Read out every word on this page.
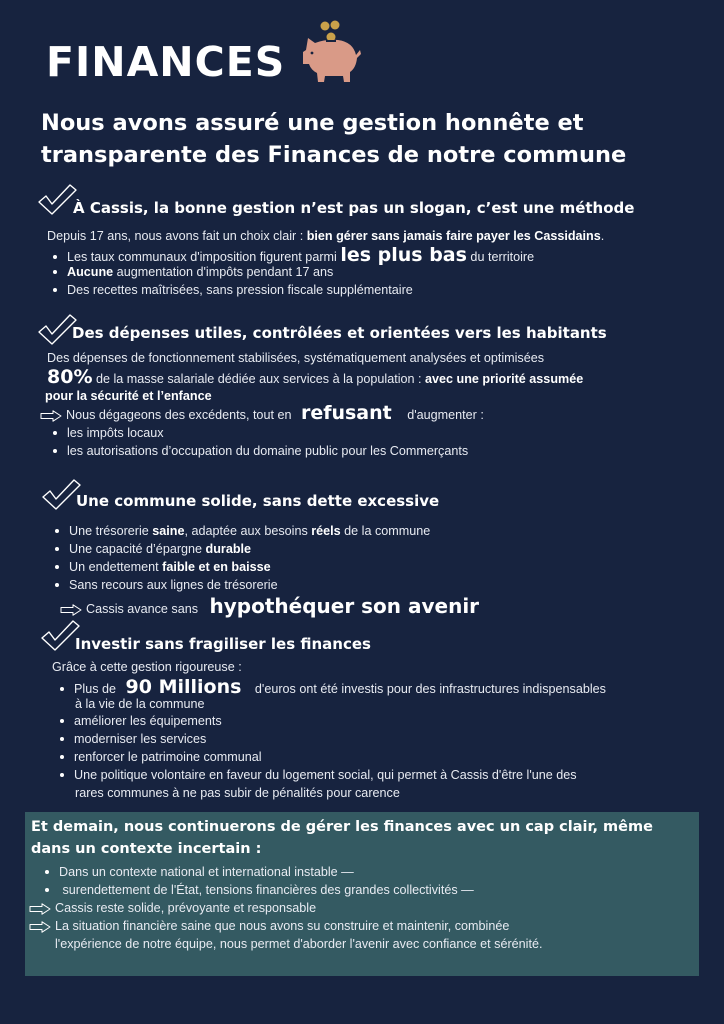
FINANCES
Nous avons assuré une gestion honnête et
transparente des Finances de notre commune
À Cassis, la bonne gestion n’est pas un slogan, c’est une méthode
Depuis 17 ans, nous avons fait un choix clair : bien gérer sans jamais faire payer les Cassidains.
Les taux communaux d'imposition figurent parmi les plus bas du territoire
Aucune augmentation d'impôts pendant 17 ans
Des recettes maîtrisées, sans pression fiscale supplémentaire
Des dépenses utiles, contrôlées et orientées vers les habitants
Des dépenses de fonctionnement stabilisées, systématiquement analysées et optimisées
80% de la masse salariale dédiée aux services à la population : avec une priorité assumée
pour la sécurité et l’enfance
Nous dégageons des excédents, tout en refusant d'augmenter :
les impôts locaux
les autorisations d’occupation du domaine public pour les Commerçants
Une commune solide, sans dette excessive
Une trésorerie saine, adaptée aux besoins réels de la commune
Une capacité d’épargne durable
Un endettement faible et en baisse
Sans recours aux lignes de trésorerie
Cassis avance sans hypothéquer son avenir
Investir sans fragiliser les finances
Grâce à cette gestion rigoureuse :
Plus de 90 Millions d'euros ont été investis pour des infrastructures indispensables
à la vie de la commune
améliorer les équipements
moderniser les services
renforcer le patrimoine communal
Une politique volontaire en faveur du logement social, qui permet à Cassis d'être l'une des
rares communes à ne pas subir de pénalités pour carence
Et demain, nous continuerons de gérer les finances avec un cap clair, même dans un contexte incertain :
Dans un contexte national et international instable —
surendettement de l'État, tensions financières des grandes collectivités —
Cassis reste solide, prévoyante et responsable
La situation financière saine que nous avons su construire et maintenir, combinée
l'expérience de notre équipe, nous permet d'aborder l'avenir avec confiance et sérénité.
